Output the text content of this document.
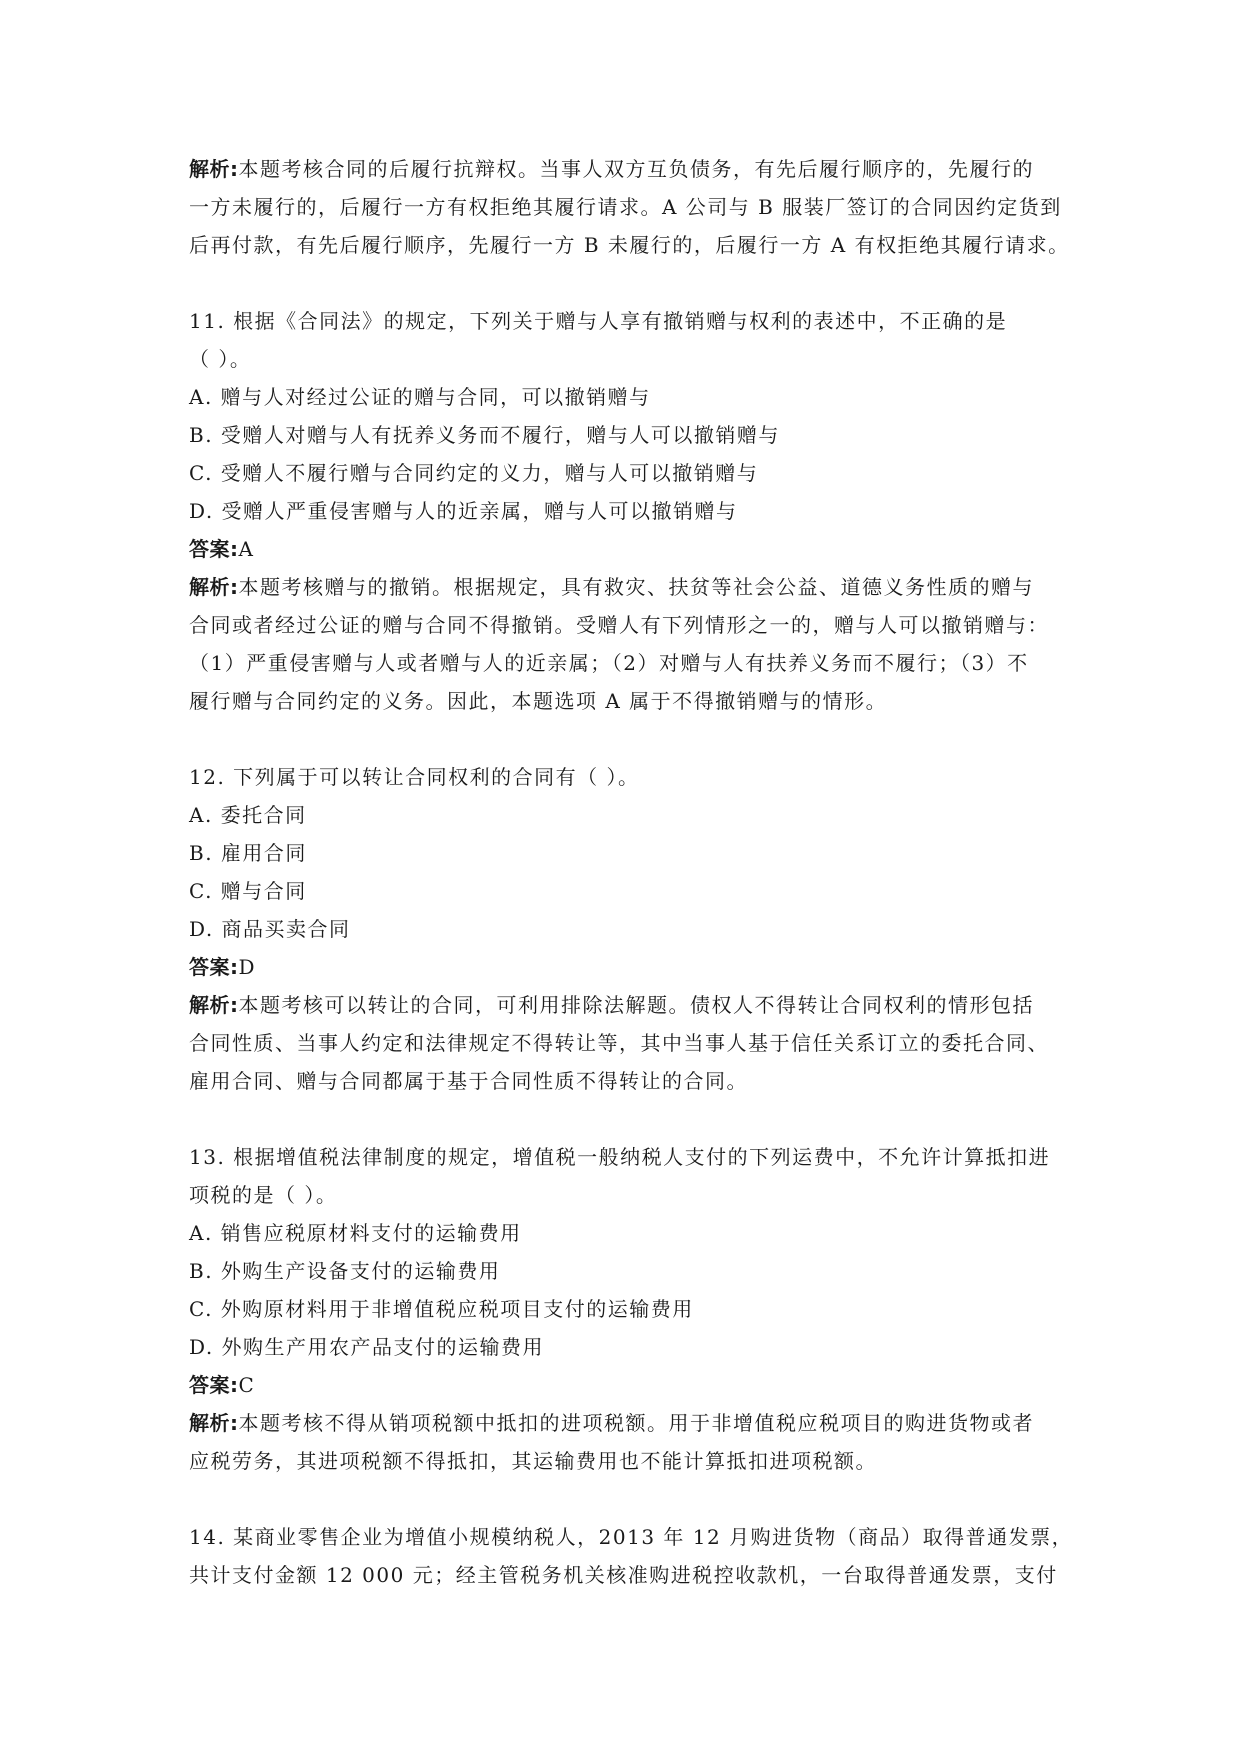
解析:本题考核合同的后履行抗辩权。当事人双方互负债务，有先后履行顺序的，先履行的
一方未履行的，后履行一方有权拒绝其履行请求。A 公司与 B 服装厂签订的合同因约定货到
后再付款，有先后履行顺序，先履行一方 B 未履行的，后履行一方 A 有权拒绝其履行请求。
11. 根据《合同法》的规定，下列关于赠与人享有撤销赠与权利的表述中，不正确的是
（ ）。
A. 赠与人对经过公证的赠与合同，可以撤销赠与
B. 受赠人对赠与人有抚养义务而不履行，赠与人可以撤销赠与
C. 受赠人不履行赠与合同约定的义力，赠与人可以撤销赠与
D. 受赠人严重侵害赠与人的近亲属，赠与人可以撤销赠与
答案:A
解析:本题考核赠与的撤销。根据规定，具有救灾、扶贫等社会公益、道德义务性质的赠与
合同或者经过公证的赠与合同不得撤销。受赠人有下列情形之一的，赠与人可以撤销赠与：
（1）严重侵害赠与人或者赠与人的近亲属；（2）对赠与人有扶养义务而不履行；（3）不
履行赠与合同约定的义务。因此，本题选项 A 属于不得撤销赠与的情形。
12. 下列属于可以转让合同权利的合同有（ ）。
A. 委托合同
B. 雇用合同
C. 赠与合同
D. 商品买卖合同
答案:D
解析:本题考核可以转让的合同，可利用排除法解题。债权人不得转让合同权利的情形包括
合同性质、当事人约定和法律规定不得转让等，其中当事人基于信任关系订立的委托合同、
雇用合同、赠与合同都属于基于合同性质不得转让的合同。
13. 根据增值税法律制度的规定，增值税一般纳税人支付的下列运费中，不允许计算抵扣进
项税的是（ ）。
A. 销售应税原材料支付的运输费用
B. 外购生产设备支付的运输费用
C. 外购原材料用于非增值税应税项目支付的运输费用
D. 外购生产用农产品支付的运输费用
答案:C
解析:本题考核不得从销项税额中抵扣的进项税额。用于非增值税应税项目的购进货物或者
应税劳务，其进项税额不得抵扣，其运输费用也不能计算抵扣进项税额。
14. 某商业零售企业为增值小规模纳税人，2013 年 12 月购进货物（商品）取得普通发票，
共计支付金额 12 000 元；经主管税务机关核准购进税控收款机，一台取得普通发票，支付
